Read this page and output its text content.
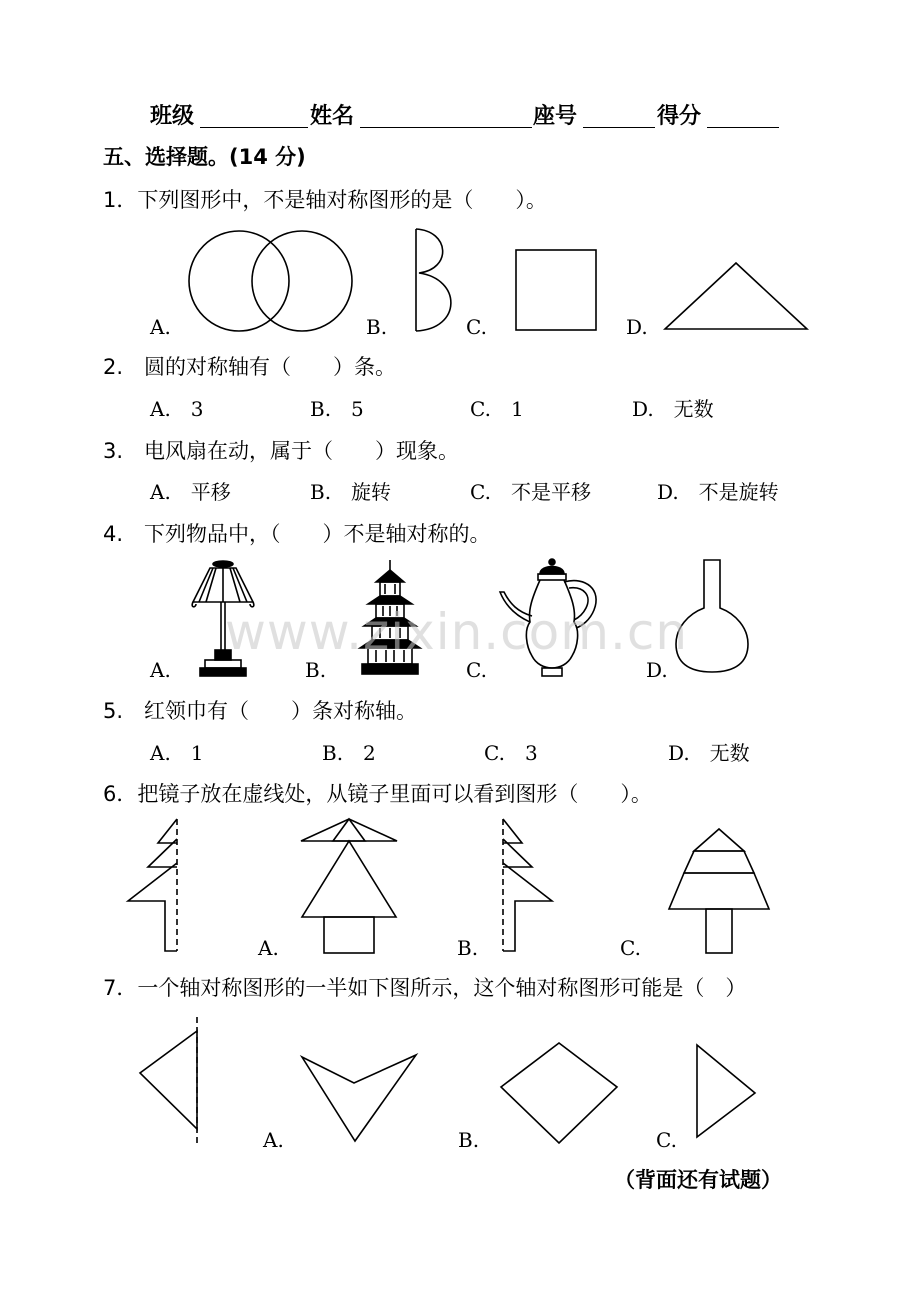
班级	姓名	座号	得分
五、选择题。(14 分)
1．下列图形中，不是轴对称图形的是（　　）。
A.	B.	C.	D.
2.　圆的对称轴有（　　）条。
A.　3	B.　5	C.　1	D.　无数
3.　电风扇在动，属于（　　）现象。
A.　平移	B.　旋转	C.　不是平移	D.　不是旋转
4.　下列物品中，（　　）不是轴对称的。
www.zixin.com.cn
A.	B.	C.	D.
5.　红领巾有（　　）条对称轴。
A.　1	B.　2	C.　3	D.　无数
6．把镜子放在虚线处，从镜子里面可以看到图形（　　）。
A.	B.	C.
7．一个轴对称图形的一半如下图所示，这个轴对称图形可能是（　）
A.	B.	C.
（背面还有试题）
